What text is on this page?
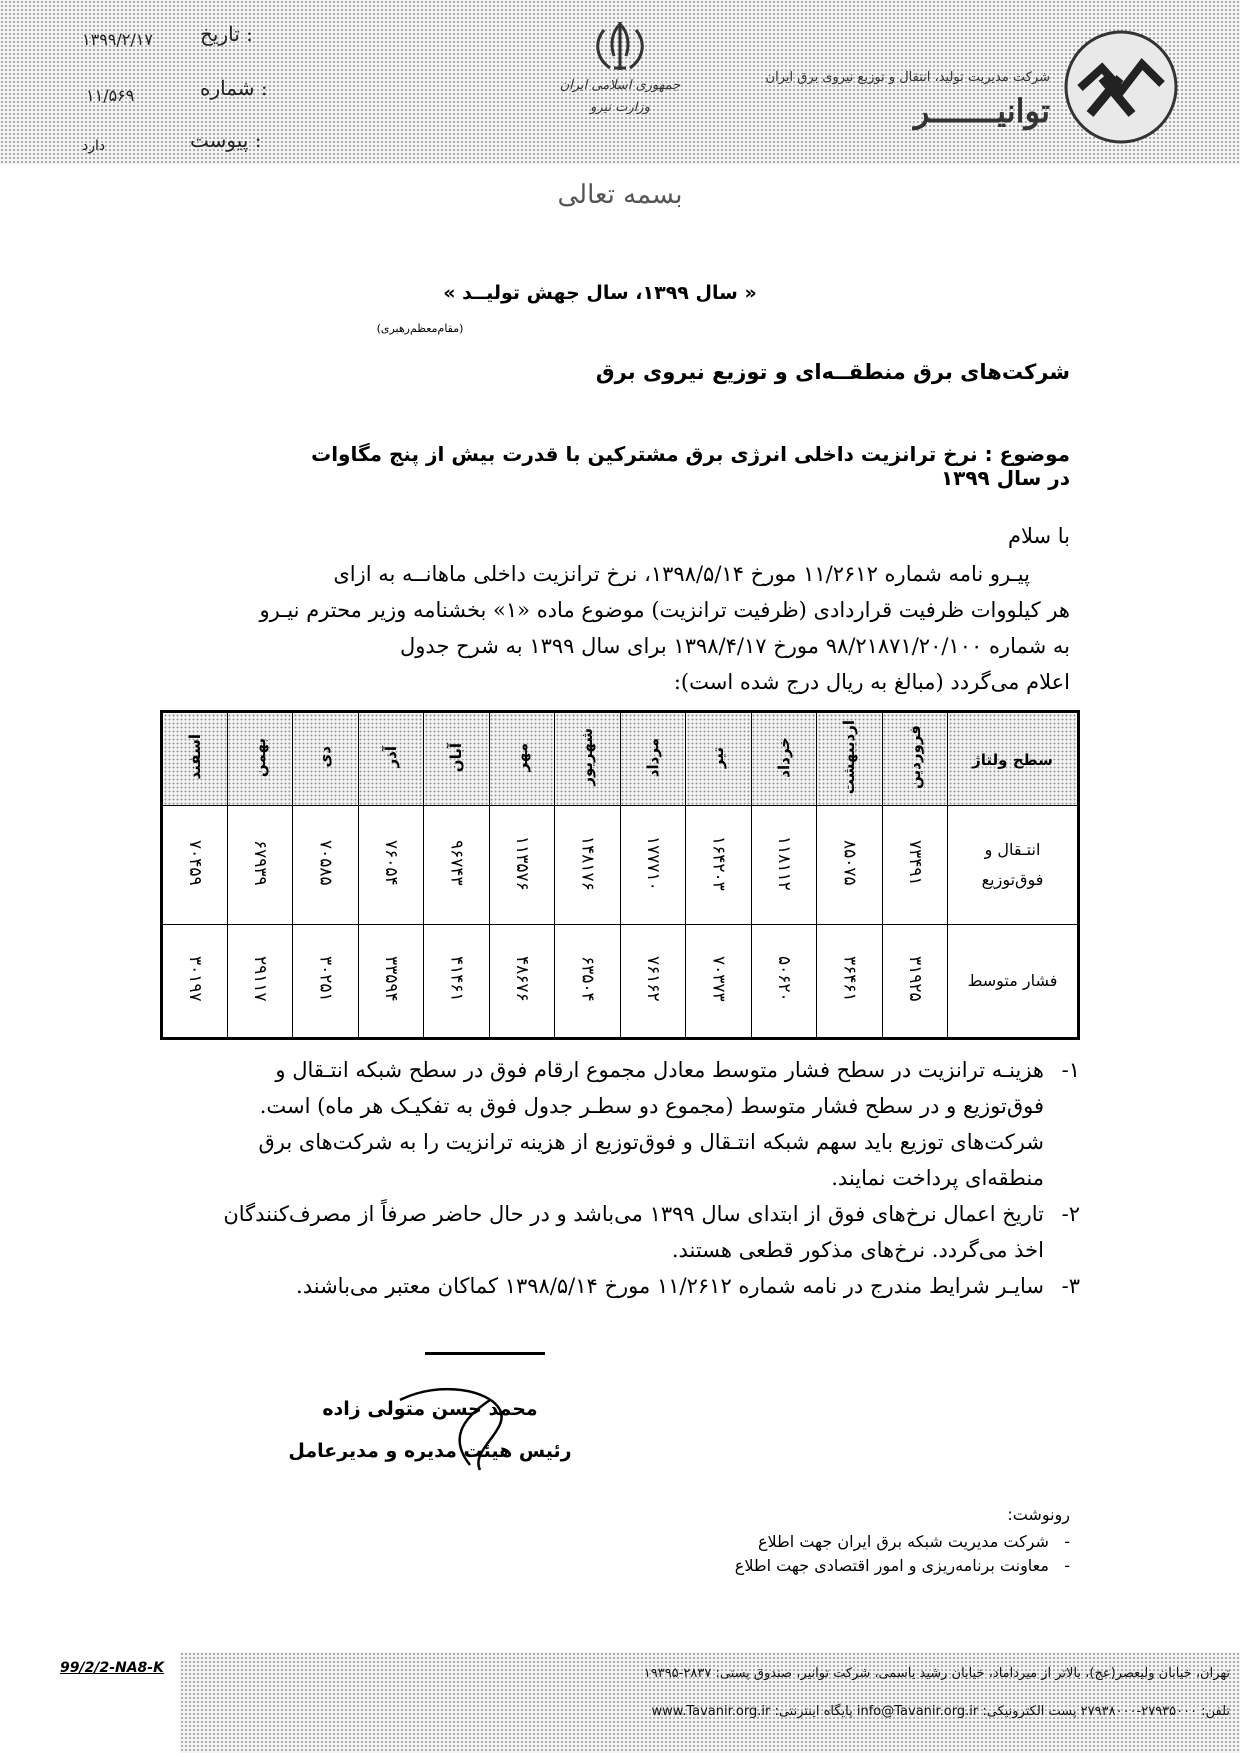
تاریخ :
۱۳۹۹/۲/۱۷
شماره :
۱۱/۵۶۹
پیوست :
دارد
جمهوری اسلامی ایران
وزارت نیرو
شرکت مدیریت تولید، انتقال و توزیع نیروی برق ایران
توانیـــــــر
بسمه تعالی
« سال ۱۳۹۹، سال جهش تولیــد »
(مقام‌معظم‌رهبری)
شرکت‌های برق منطقــه‌ای و توزیع نیروی برق
موضوع : نرخ ترانزیت داخلی انرژی برق مشترکین با قدرت بیش از پنج مگاوات در سال ۱۳۹۹
با سلام
پیـرو نامه شماره ۱۱/۲۶۱۲ مورخ ۱۳۹۸/۵/۱۴، نرخ ترانزیت داخلی ماهانــه به ازای
هر کیلووات ظرفیت قراردادی (ظرفیت ترانزیت) موضوع ماده «۱» بخشنامه وزیر محترم نیـرو
به شماره ۹۸/۲۱۸۷۱/۲۰/۱۰۰ مورخ ۱۳۹۸/۴/۱۷ برای سال ۱۳۹۹ به شرح جدول
اعلام می‌گردد (مبالغ به ریال درج شده است):
سطح ولتاژ	فروردین	اردیبهشت	خرداد	تیر	مرداد	شهریور	مهر	آبان	آذر	دی	بهمن	اسفند

انتـقال و
فوق‌توزیع	۷۳۴۹۱	۸۵۰۷۵	۱۱۸۱۱۲	۱۶۴۲۰۳	۱۷۷۷۱۰	۱۴۸۱۷۶	۱۱۳۵۷۶	۹۶۷۴۳	۷۶۰۵۴	۷۰۵۸۵	۶۷۹۳۹	۷۰۴۵۹

فشار متوسط	۳۱۹۲۵	۳۶۴۶۱	۵۰۶۲۰	۷۰۳۷۳	۷۶۱۶۲	۶۳۵۰۴	۴۸۶۷۶	۴۱۴۶۱	۳۳۵۹۴	۳۰۲۵۱	۲۹۱۱۷	۳۰۱۹۷
۱-
هزینـه ترانزیت در سطح فشار متوسط معادل مجموع ارقام فوق در سطح شبکه انتـقال و
فوق‌توزیع و در سطح فشار متوسط (مجموع دو سطـر جدول فوق به تفکیـک هر ماه) است.
شرکت‌های توزیع باید سهم شبکه انتـقال و فوق‌توزیع از هزینه ترانزیت را به شرکت‌های برق
منطقه‌ای پرداخت نمایند.
۲-
تاریخ اعمال نرخ‌های فوق از ابتدای سال ۱۳۹۹ می‌باشد و در حال حاضر صرفاً از مصرف‌کنندگان
اخذ می‌گردد. نرخ‌های مذکور قطعی هستند.
۳-
سایـر شرایط مندرج در نامه شماره ۱۱/۲۶۱۲ مورخ ۱۳۹۸/۵/۱۴ کماکان معتبر می‌باشند.
محمد حسن متولی زاده
رئیس هیئت مدیره و مدیرعامل
رونوشت:
-   شرکت مدیریت شبکه برق ایران جهت اطلاع
-   معاونت برنامه‌ریزی و امور اقتصادی جهت اطلاع
99/2/2-NA8-K	تهران، خیابان ولیعصر(عج)، بالاتر از میرداماد، خیابان رشید یاسمی، شرکت توانیر، صندوق پستی: ۲۸۳۷-۱۹۳۹۵
تلفن: ۲۷۹۳۵۰۰۰-۲۷۹۳۸۰۰۰ پست الکترونیکی: info@Tavanir.org.ir پایگاه اینترنتی: www.Tavanir.org.ir
